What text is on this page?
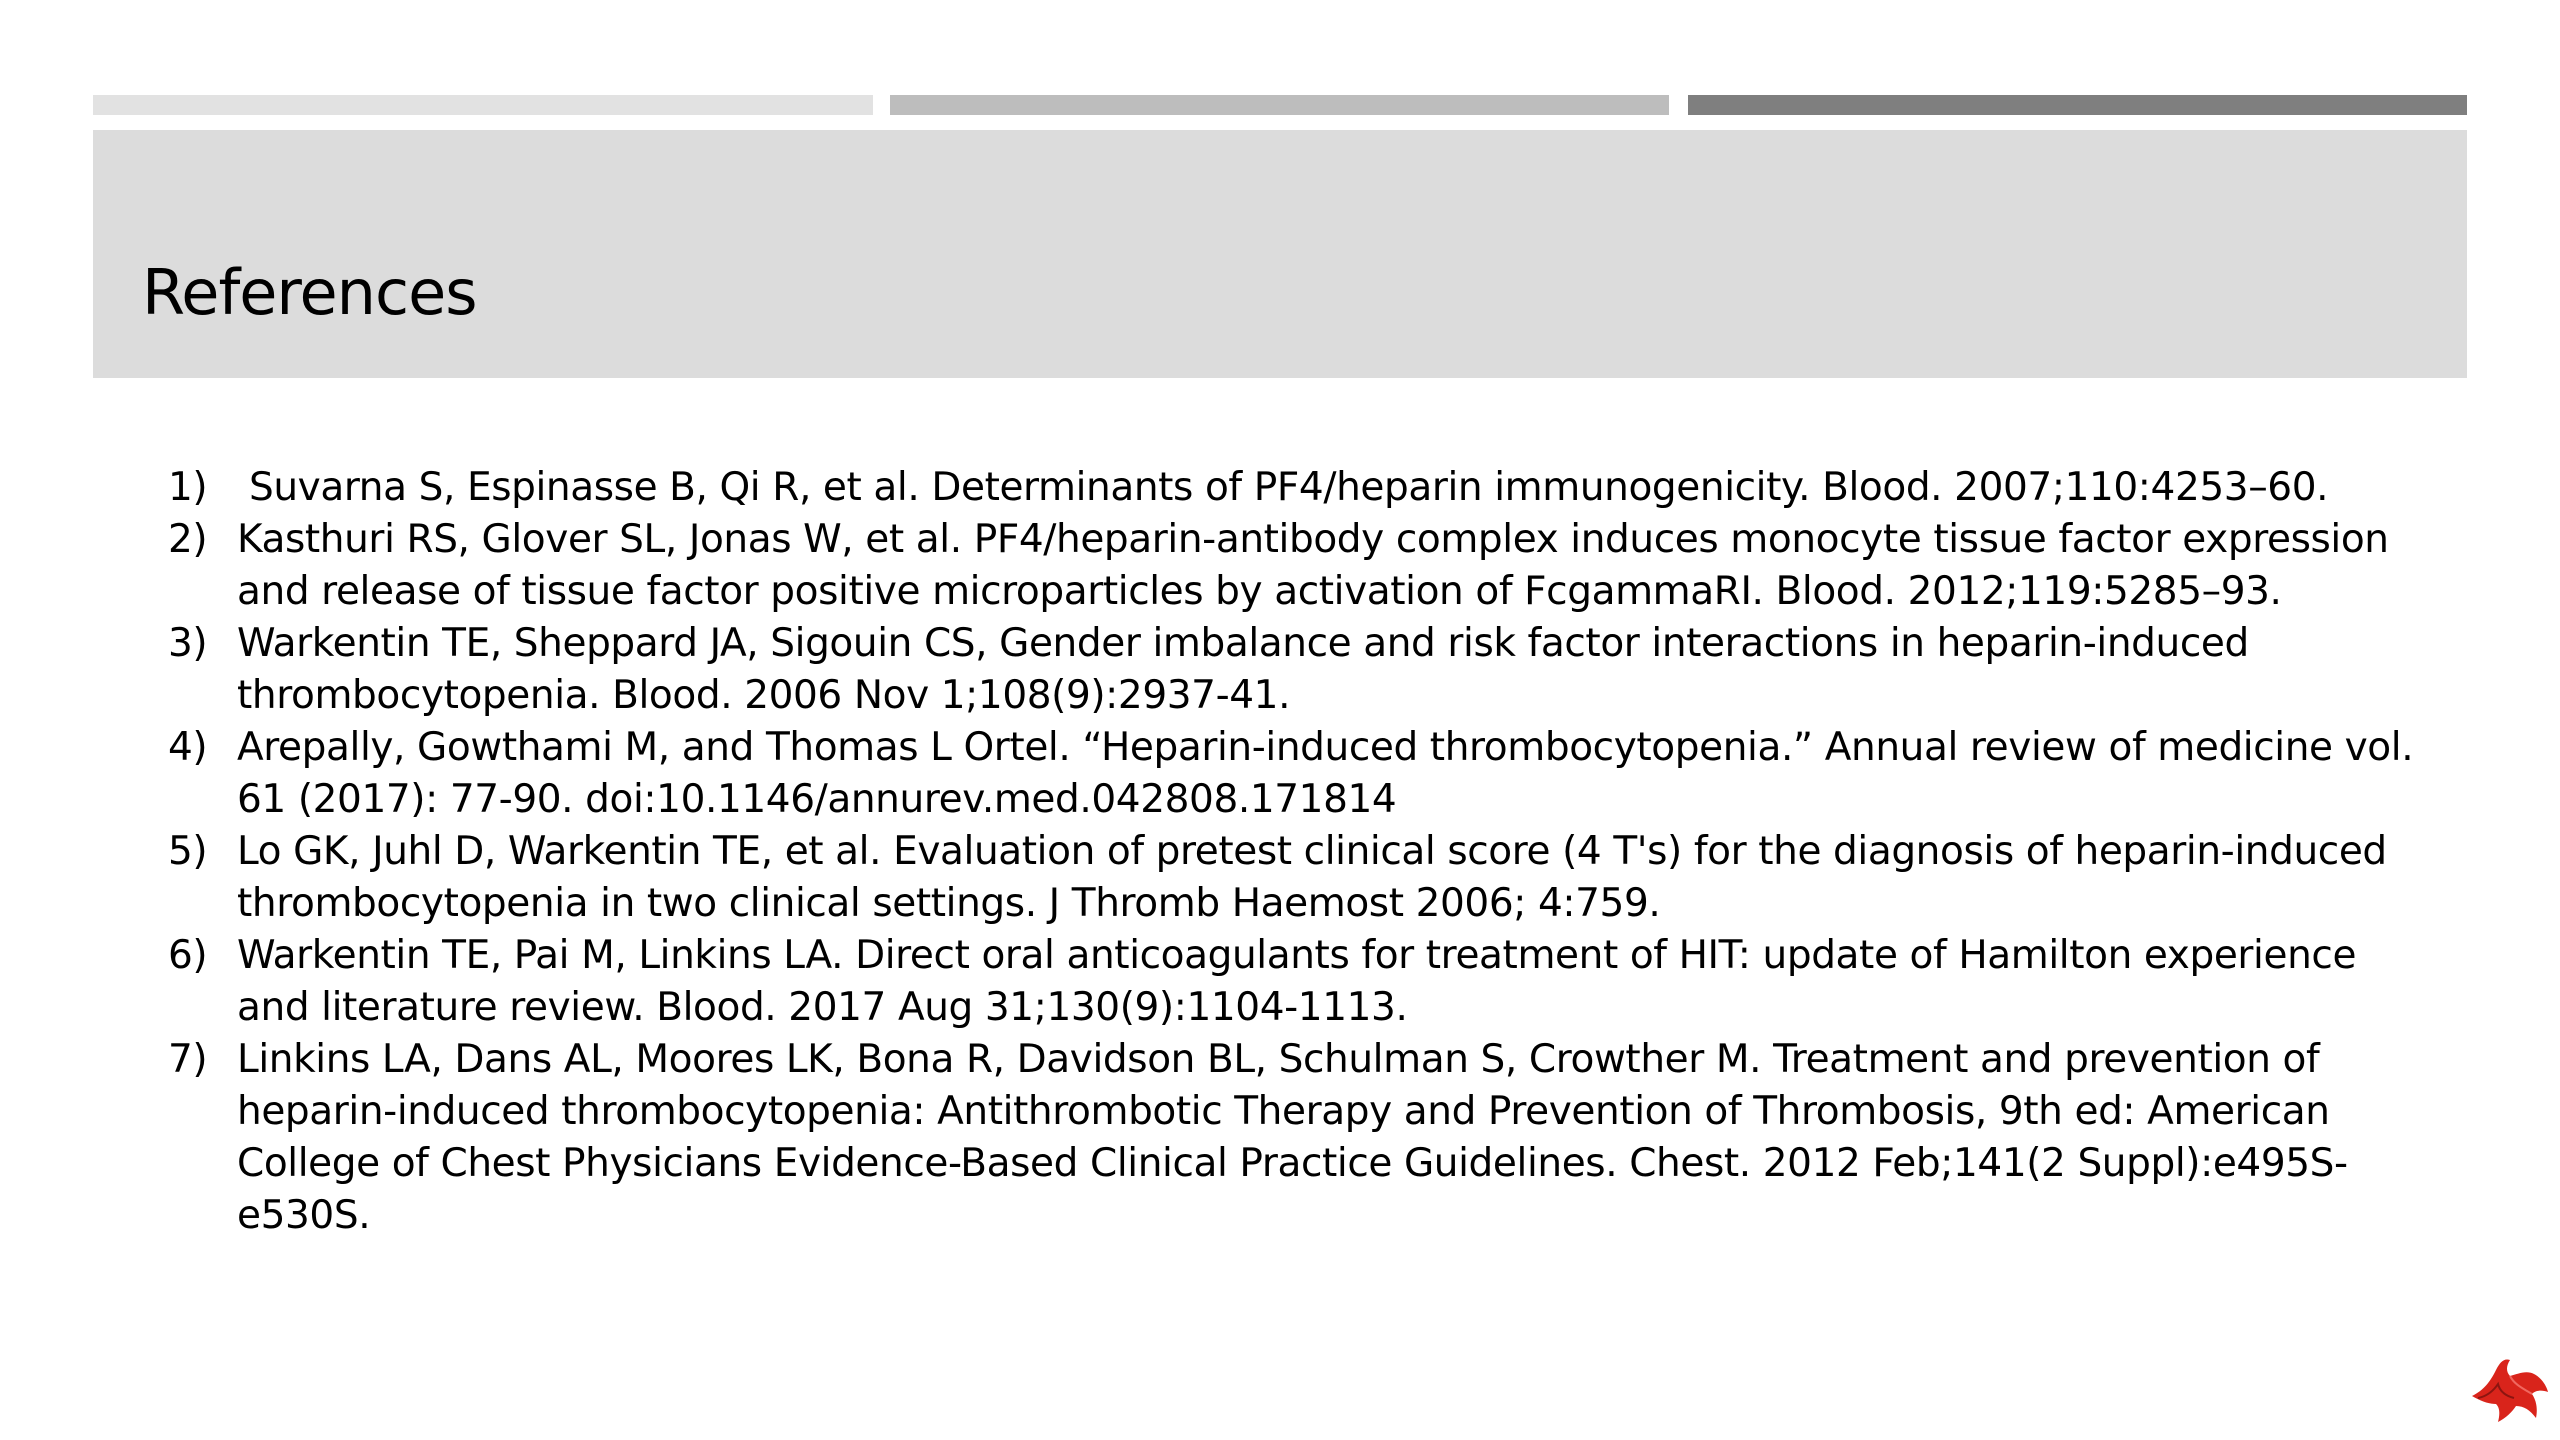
References
1) Suvarna S, Espinasse B, Qi R, et al. Determinants of PF4/heparin immunogenicity. Blood. 2007;110:4253–60.
2) Kasthuri RS, Glover SL, Jonas W, et al. PF4/heparin-antibody complex induces monocyte tissue factor expression and release of tissue factor positive microparticles by activation of FcgammaRI. Blood. 2012;119:5285–93.
3) Warkentin TE, Sheppard JA, Sigouin CS, Gender imbalance and risk factor interactions in heparin-induced thrombocytopenia. Blood. 2006 Nov 1;108(9):2937-41.
4) Arepally, Gowthami M, and Thomas L Ortel. “Heparin-induced thrombocytopenia.” Annual review of medicine vol. 61 (2017): 77-90. doi:10.1146/annurev.med.042808.171814
5) Lo GK, Juhl D, Warkentin TE, et al. Evaluation of pretest clinical score (4 T's) for the diagnosis of heparin-induced thrombocytopenia in two clinical settings. J Thromb Haemost 2006; 4:759.
6) Warkentin TE, Pai M, Linkins LA. Direct oral anticoagulants for treatment of HIT: update of Hamilton experience and literature review. Blood. 2017 Aug 31;130(9):1104-1113.
7) Linkins LA, Dans AL, Moores LK, Bona R, Davidson BL, Schulman S, Crowther M. Treatment and prevention of heparin-induced thrombocytopenia: Antithrombotic Therapy and Prevention of Thrombosis, 9th ed: American College of Chest Physicians Evidence-Based Clinical Practice Guidelines. Chest. 2012 Feb;141(2 Suppl):e495S-e530S.
